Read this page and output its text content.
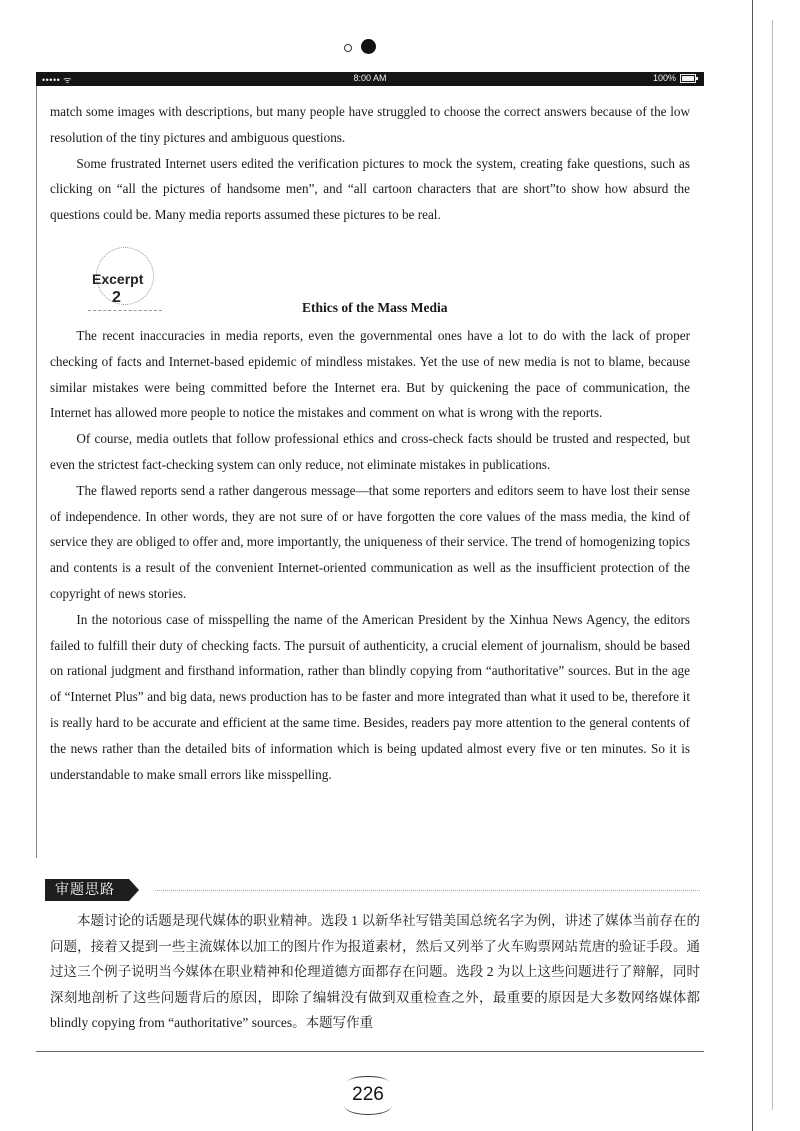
••••• ᯤ	8:00 AM	100%

match some images with descriptions, but many people have struggled to choose the correct answers because of the low resolution of the tiny pictures and ambiguous questions.

Some frustrated Internet users edited the verification pictures to mock the system, creating fake questions, such as clicking on “all the pictures of handsome men”, and “all cartoon characters that are short”to show how absurd the questions could be. Many media reports assumed these pictures to be real.

Excerpt
2
Ethics of the Mass Media

The recent inaccuracies in media reports, even the governmental ones have a lot to do with the lack of proper checking of facts and Internet-based epidemic of mindless mistakes. Yet the use of new media is not to blame, because similar mistakes were being committed before the Internet era. But by quickening the pace of communication, the Internet has allowed more people to notice the mistakes and comment on what is wrong with the reports.

Of course, media outlets that follow professional ethics and cross-check facts should be trusted and respected, but even the strictest fact-checking system can only reduce, not eliminate mistakes in publications.

The flawed reports send a rather dangerous message—that some reporters and editors seem to have lost their sense of independence. In other words, they are not sure of or have forgotten the core values of the mass media, the kind of service they are obliged to offer and, more importantly, the uniqueness of their service. The trend of homogenizing topics and contents is a result of the convenient Internet-oriented communication as well as the insufficient protection of the copyright of news stories.

In the notorious case of misspelling the name of the American President by the Xinhua News Agency, the editors failed to fulfill their duty of checking facts. The pursuit of authenticity, a crucial element of journalism, should be based on rational judgment and firsthand information, rather than blindly copying from “authoritative” sources. But in the age of “Internet Plus” and big data, news production has to be faster and more integrated than what it used to be, therefore it is really hard to be accurate and efficient at the same time. Besides, readers pay more attention to the general contents of the news rather than the detailed bits of information which is being updated almost every five or ten minutes. So it is understandable to make small errors like misspelling.

审题思路

本题讨论的话题是现代媒体的职业精神。选段 1 以新华社写错美国总统名字为例，讲述了媒体当前存在的问题，接着又提到一些主流媒体以加工的图片作为报道素材，然后又列举了火车购票网站荒唐的验证手段。通过这三个例子说明当今媒体在职业精神和伦理道德方面都存在问题。选段 2 为以上这些问题进行了辩解，同时深刻地剖析了这些问题背后的原因，即除了编辑没有做到双重检查之外，最重要的原因是大多数网络媒体都 blindly copying from “authoritative” sources。本题写作重

226
